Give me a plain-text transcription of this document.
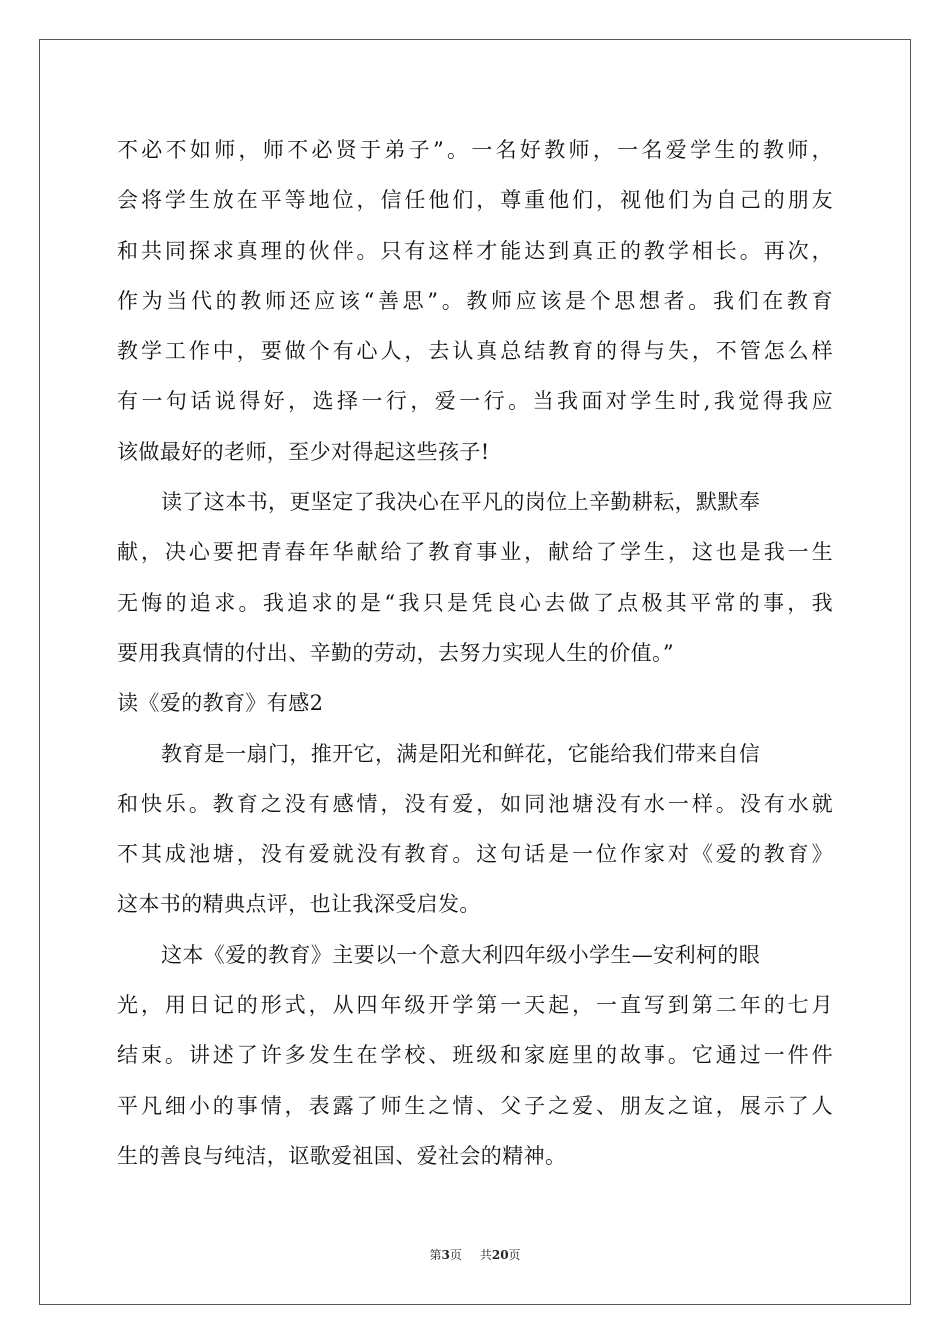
不必不如师，师不必贤于弟子”。一名好教师，一名爱学生的教师，
会将学生放在平等地位，信任他们，尊重他们，视他们为自己的朋友
和共同探求真理的伙伴。只有这样才能达到真正的教学相长。再次，
作为当代的教师还应该“善思”。教师应该是个思想者。我们在教育
教学工作中，要做个有心人，去认真总结教育的得与失，不管怎么样
有一句话说得好，选择一行，爱一行。当我面对学生时,我觉得我应
该做最好的老师，至少对得起这些孩子!
读了这本书，更坚定了我决心在平凡的岗位上辛勤耕耘，默默奉
献，决心要把青春年华献给了教育事业，献给了学生，这也是我一生
无悔的追求。我追求的是“我只是凭良心去做了点极其平常的事，我
要用我真情的付出、辛勤的劳动，去努力实现人生的价值。”
读《爱的教育》有感2
教育是一扇门，推开它，满是阳光和鲜花，它能给我们带来自信
和快乐。教育之没有感情，没有爱，如同池塘没有水一样。没有水就
不其成池塘，没有爱就没有教育。这句话是一位作家对《爱的教育》
这本书的精典点评，也让我深受启发。
这本《爱的教育》主要以一个意大利四年级小学生—安利柯的眼
光，用日记的形式，从四年级开学第一天起，一直写到第二年的七月
结束。讲述了许多发生在学校、班级和家庭里的故事。它通过一件件
平凡细小的事情，表露了师生之情、父子之爱、朋友之谊，展示了人
生的善良与纯洁，讴歌爱祖国、爱社会的精神。
第3页 共20页
